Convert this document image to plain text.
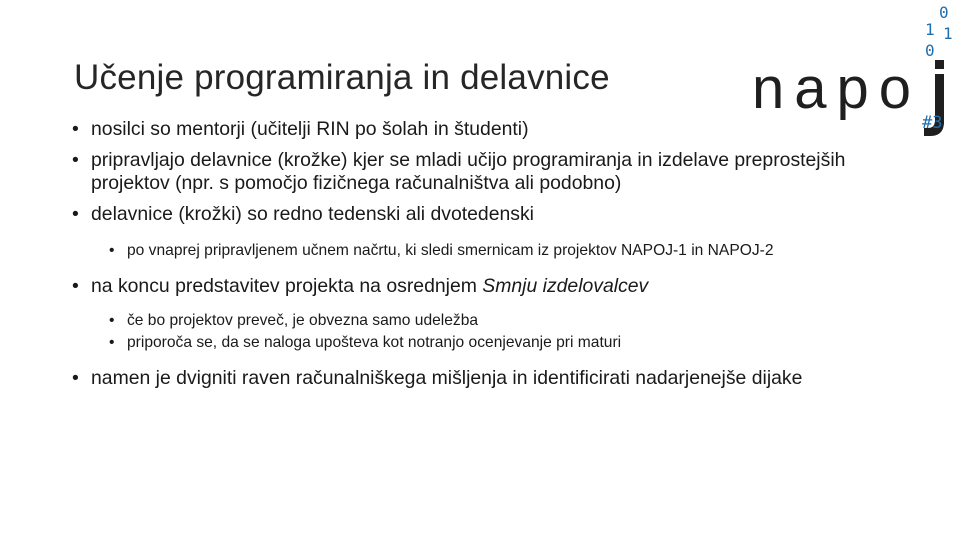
Učenje programiranja in delavnice napo
0
1 1
0
#3
• nosilci so mentorji (učitelji RIN po šolah in študenti)
• pripravljajo delavnice (krožke) kjer se mladi učijo programiranja in izdelave preprostejših projektov (npr. s pomočjo fizičnega računalništva ali podobno)
• delavnice (krožki) so redno tedenski ali dvotedenski
• po vnaprej pripravljenem učnem načrtu, ki sledi smernicam iz projektov NAPOJ-1 in NAPOJ-2
• na koncu predstavitev projekta na osrednjem Smnju izdelovalcev
• če bo projektov preveč, je obvezna samo udeležba
• priporoča se, da se naloga upošteva kot notranjo ocenjevanje pri maturi
• namen je dvigniti raven računalniškega mišljenja in identificirati nadarjenejše dijake
